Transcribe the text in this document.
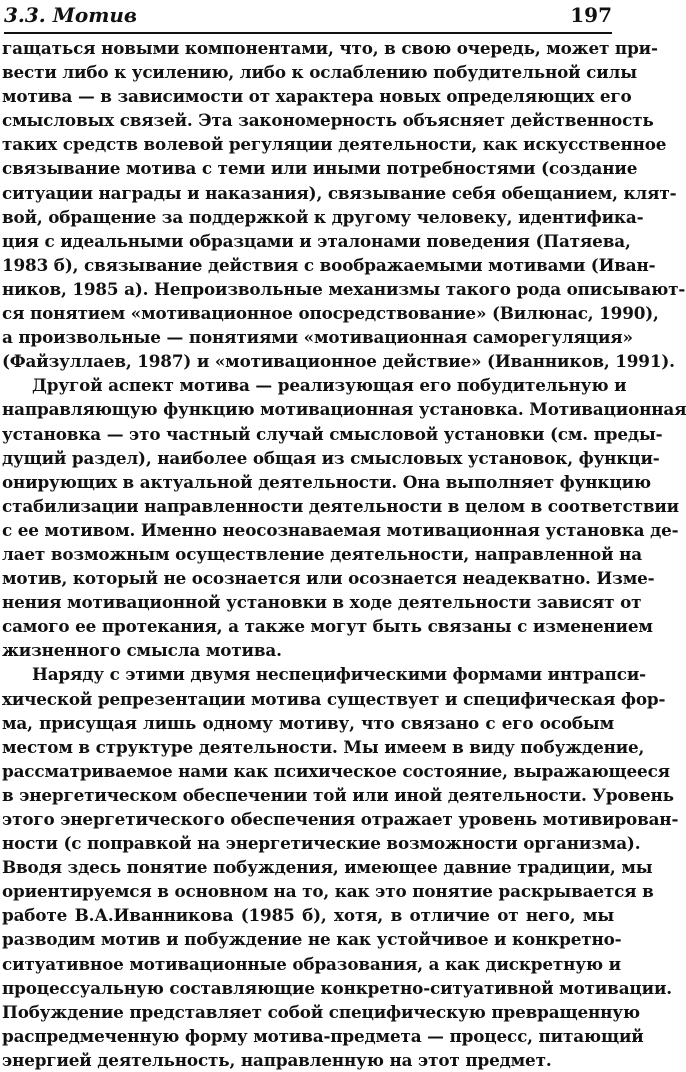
3.3. Мотив	197
гащаться новыми компонентами, что, в свою очередь, может при-
вести либо к усилению, либо к ослаблению побудительной силы
мотива — в зависимости от характера новых определяющих его
смысловых связей. Эта закономерность объясняет действенность
таких средств волевой регуляции деятельности, как искусственное
связывание мотива с теми или иными потребностями (создание
ситуации награды и наказания), связывание себя обещанием, клят-
вой, обращение за поддержкой к другому человеку, идентифика-
ция с идеальными образцами и эталонами поведения (Патяева,
1983 б), связывание действия с воображаемыми мотивами (Иван-
ников, 1985 а). Непроизвольные механизмы такого рода описывают-
ся понятием «мотивационное опосредствование» (Вилюнас, 1990),
а произвольные — понятиями «мотивационная саморегуляция»
(Файзуллаев, 1987) и «мотивационное действие» (Иванников, 1991).
Другой аспект мотива — реализующая его побудительную и
направляющую функцию мотивационная установка. Мотивационная
установка — это частный случай смысловой установки (см. преды-
дущий раздел), наиболее общая из смысловых установок, функци-
онирующих в актуальной деятельности. Она выполняет функцию
стабилизации направленности деятельности в целом в соответствии
с ее мотивом. Именно неосознаваемая мотивационная установка де-
лает возможным осуществление деятельности, направленной на
мотив, который не осознается или осознается неадекватно. Изме-
нения мотивационной установки в ходе деятельности зависят от
самого ее протекания, а также могут быть связаны с изменением
жизненного смысла мотива.
Наряду с этими двумя неспецифическими формами интрапси-
хической репрезентации мотива существует и специфическая фор-
ма, присущая лишь одному мотиву, что связано с его особым
местом в структуре деятельности. Мы имеем в виду побуждение,
рассматриваемое нами как психическое состояние, выражающееся
в энергетическом обеспечении той или иной деятельности. Уровень
этого энергетического обеспечения отражает уровень мотивирован-
ности (с поправкой на энергетические возможности организма).
Вводя здесь понятие побуждения, имеющее давние традиции, мы
ориентируемся в основном на то, как это понятие раскрывается в
работе В.А.Иванникова (1985 б), хотя, в отличие от него, мы
разводим мотив и побуждение не как устойчивое и конкретно-
ситуативное мотивационные образования, а как дискретную и
процессуальную составляющие конкретно-ситуативной мотивации.
Побуждение представляет собой специфическую превращенную
распредмеченную форму мотива-предмета — процесс, питающий
энергией деятельность, направленную на этот предмет.
